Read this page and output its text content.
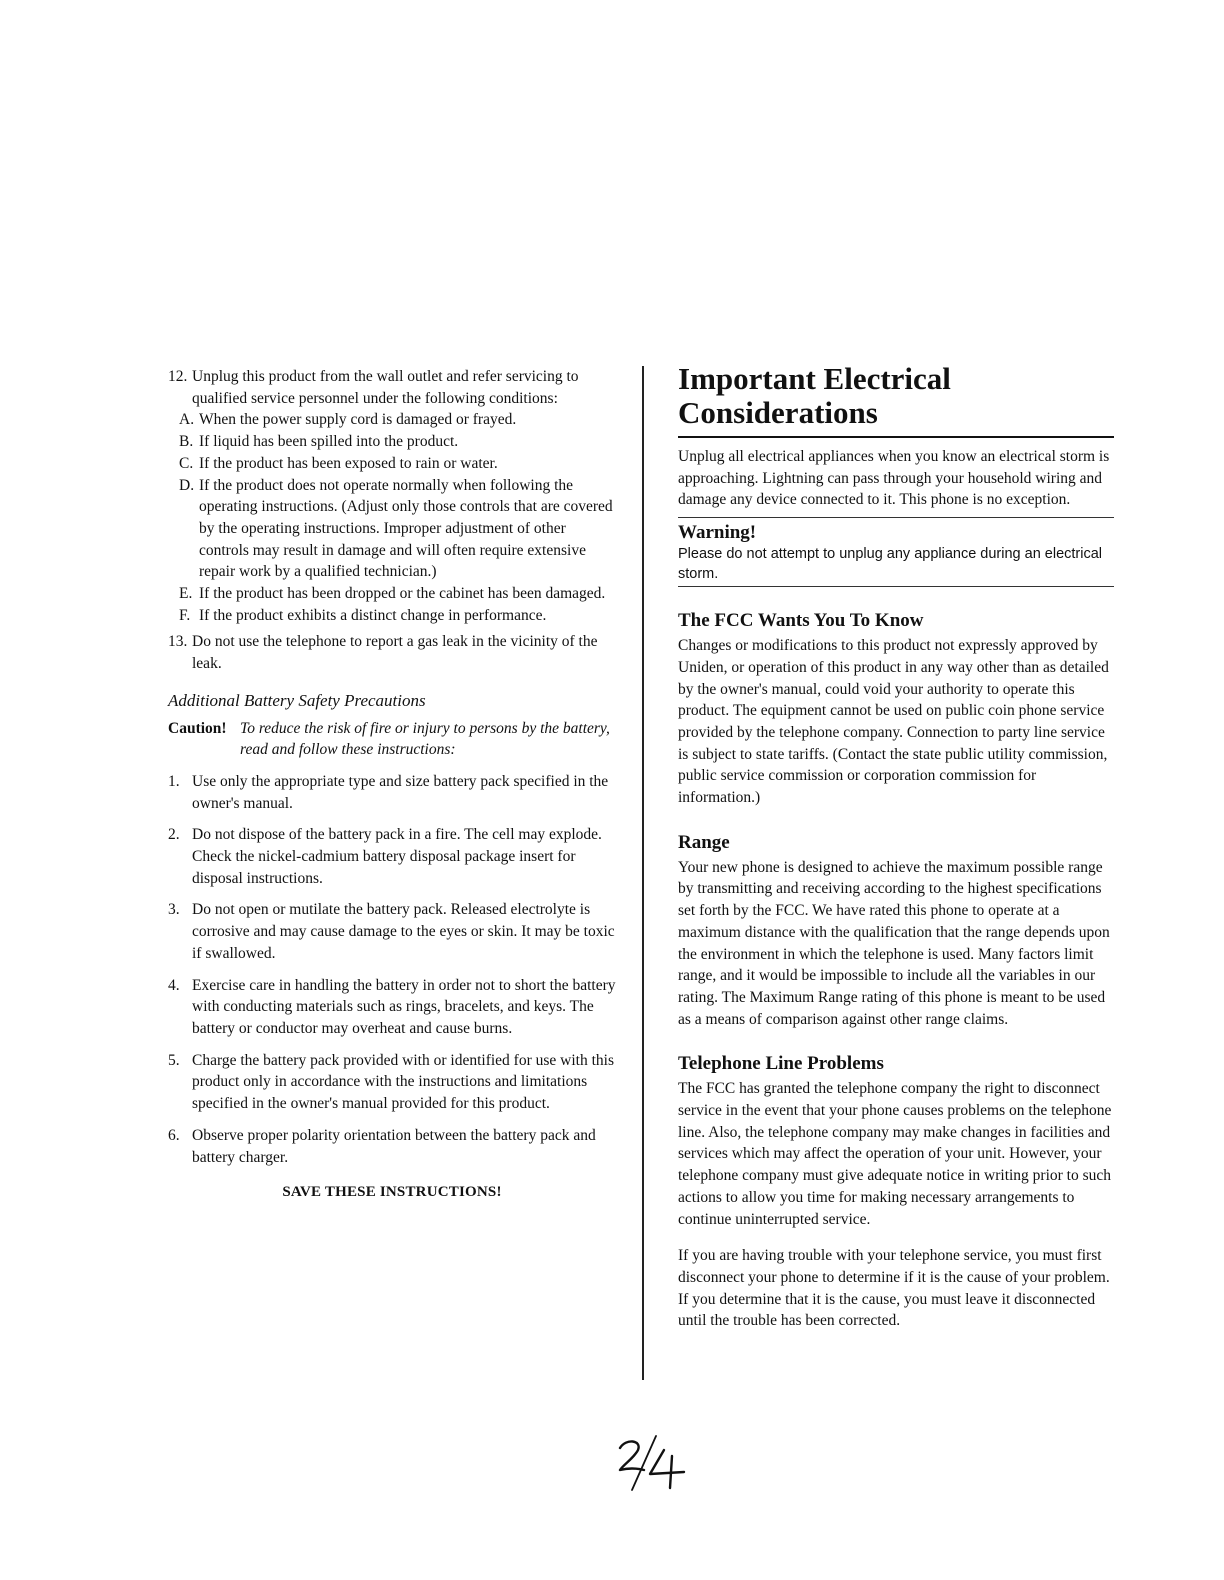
12. Unplug this product from the wall outlet and refer servicing to qualified service personnel under the following conditions:
A. When the power supply cord is damaged or frayed.
B. If liquid has been spilled into the product.
C. If the product has been exposed to rain or water.
D. If the product does not operate normally when following the operating instructions. (Adjust only those controls that are covered by the operating instructions. Improper adjustment of other controls may result in damage and will often require extensive repair work by a qualified technician.)
E. If the product has been dropped or the cabinet has been damaged.
F. If the product exhibits a distinct change in performance.
13. Do not use the telephone to report a gas leak in the vicinity of the leak.
Additional Battery Safety Precautions
Caution! To reduce the risk of fire or injury to persons by the battery, read and follow these instructions:
1. Use only the appropriate type and size battery pack specified in the owner's manual.
2. Do not dispose of the battery pack in a fire. The cell may explode. Check the nickel-cadmium battery disposal package insert for disposal instructions.
3. Do not open or mutilate the battery pack. Released electrolyte is corrosive and may cause damage to the eyes or skin. It may be toxic if swallowed.
4. Exercise care in handling the battery in order not to short the battery with conducting materials such as rings, bracelets, and keys. The battery or conductor may overheat and cause burns.
5. Charge the battery pack provided with or identified for use with this product only in accordance with the instructions and limitations specified in the owner's manual provided for this product.
6. Observe proper polarity orientation between the battery pack and battery charger.
SAVE THESE INSTRUCTIONS!
Important Electrical Considerations

Unplug all electrical appliances when you know an electrical storm is approaching. Lightning can pass through your household wiring and damage any device connected to it. This phone is no exception.

Warning!
Please do not attempt to unplug any appliance during an electrical storm.
The FCC Wants You To Know

Changes or modifications to this product not expressly approved by Uniden, or operation of this product in any way other than as detailed by the owner's manual, could void your authority to operate this product. The equipment cannot be used on public coin phone service provided by the telephone company. Connection to party line service is subject to state tariffs. (Contact the state public utility commission, public service commission or corporation commission for information.)

Range

Your new phone is designed to achieve the maximum possible range by transmitting and receiving according to the highest specifications set forth by the FCC. We have rated this phone to operate at a maximum distance with the qualification that the range depends upon the environment in which the telephone is used. Many factors limit range, and it would be impossible to include all the variables in our rating. The Maximum Range rating of this phone is meant to be used as a means of comparison against other range claims.

Telephone Line Problems

The FCC has granted the telephone company the right to disconnect service in the event that your phone causes problems on the telephone line. Also, the telephone company may make changes in facilities and services which may affect the operation of your unit. However, your telephone company must give adequate notice in writing prior to such actions to allow you time for making necessary arrangements to continue uninterrupted service.

If you are having trouble with your telephone service, you must first disconnect your phone to determine if it is the cause of your problem. If you determine that it is the cause, you must leave it disconnected until the trouble has been corrected.
